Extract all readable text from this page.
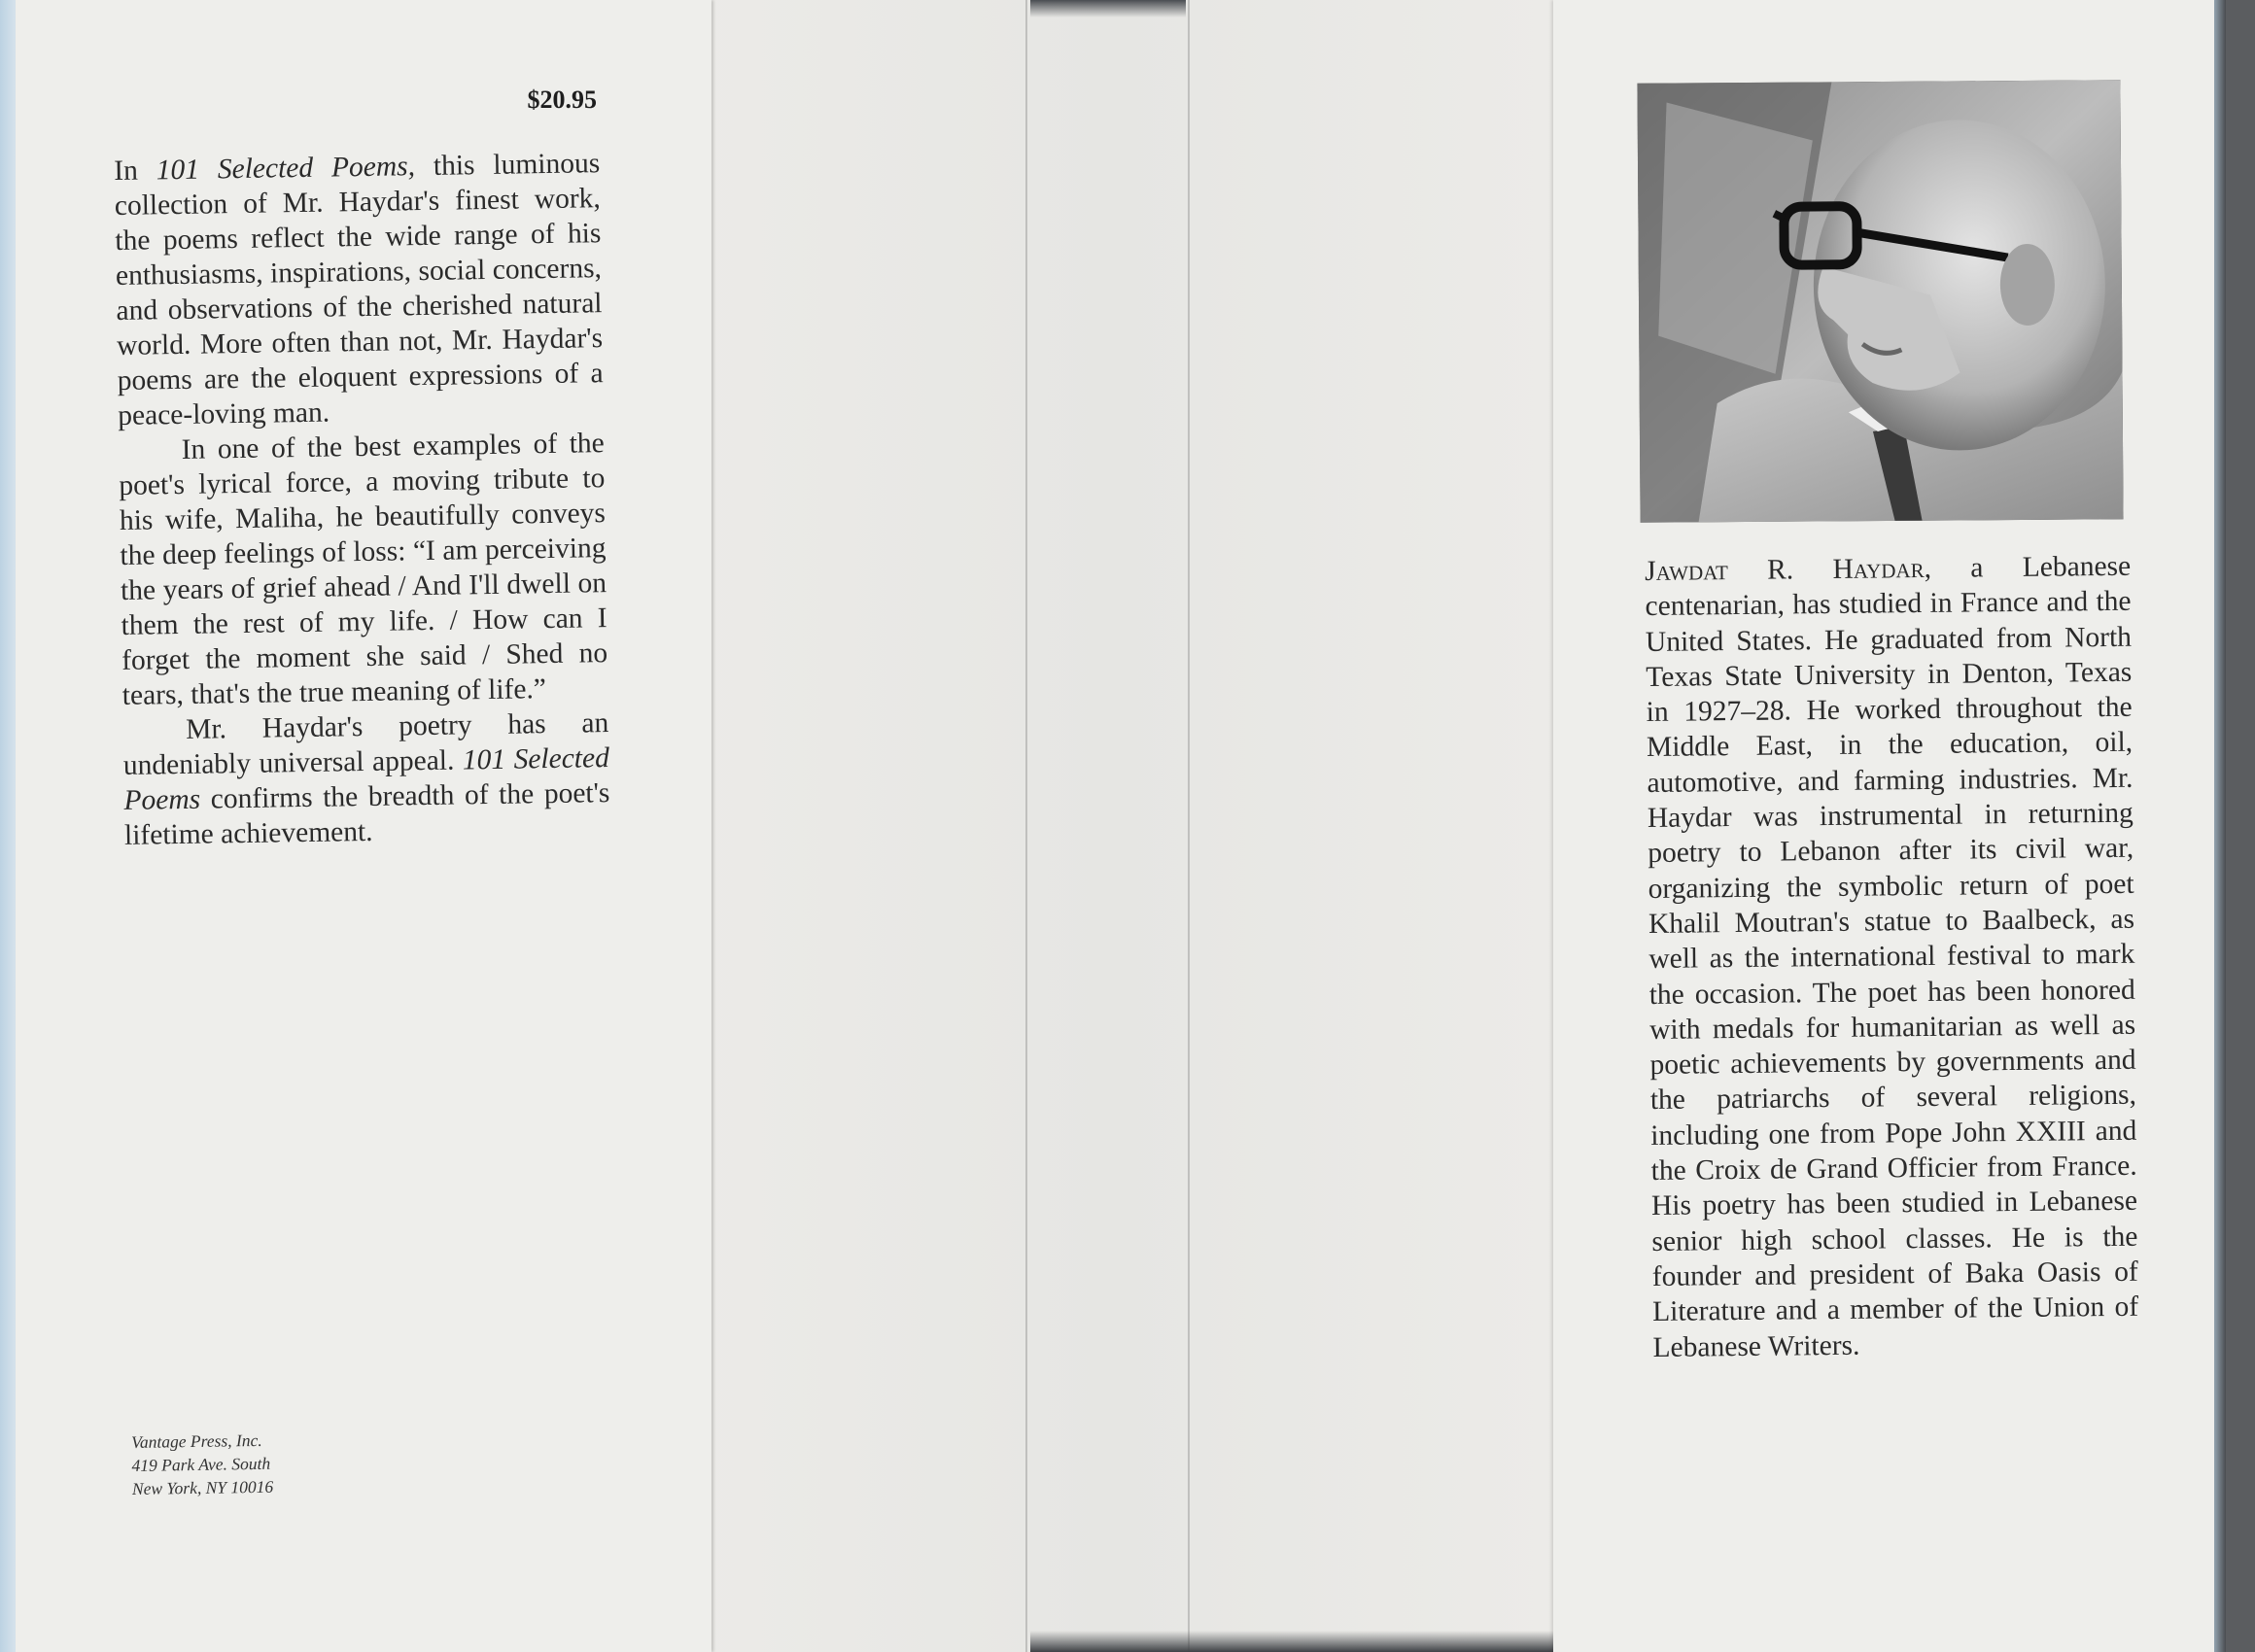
$20.95

In 101 Selected Poems, this luminous collection of Mr. Haydar's finest work, the poems reflect the wide range of his enthusiasms, inspirations, social concerns, and observations of the cherished natural world. More often than not, Mr. Haydar's poems are the eloquent expressions of a peace-loving man.

In one of the best examples of the poet's lyrical force, a moving tribute to his wife, Maliha, he beautifully conveys the deep feelings of loss: “I am perceiving the years of grief ahead / And I'll dwell on them the rest of my life. / How can I forget the moment she said / Shed no tears, that's the true meaning of life.”

Mr. Haydar's poetry has an undeniably universal appeal. 101 Selected Poems confirms the breadth of the poet's lifetime achievement.

Vantage Press, Inc.
419 Park Ave. South
New York, NY 10016

Jawdat R. Haydar, a Lebanese centenarian, has studied in France and the United States. He graduated from North Texas State University in Denton, Texas in 1927–28. He worked throughout the Middle East, in the education, oil, automotive, and farming industries. Mr. Haydar was instrumental in returning poetry to Lebanon after its civil war, organizing the symbolic return of poet Khalil Moutran's statue to Baalbeck, as well as the international festival to mark the occasion. The poet has been honored with medals for humanitarian as well as poetic achievements by governments and the patriarchs of several religions, including one from Pope John XXIII and the Croix de Grand Officier from France. His poetry has been studied in Lebanese senior high school classes. He is the founder and president of Baka Oasis of Literature and a member of the Union of Lebanese Writers.
